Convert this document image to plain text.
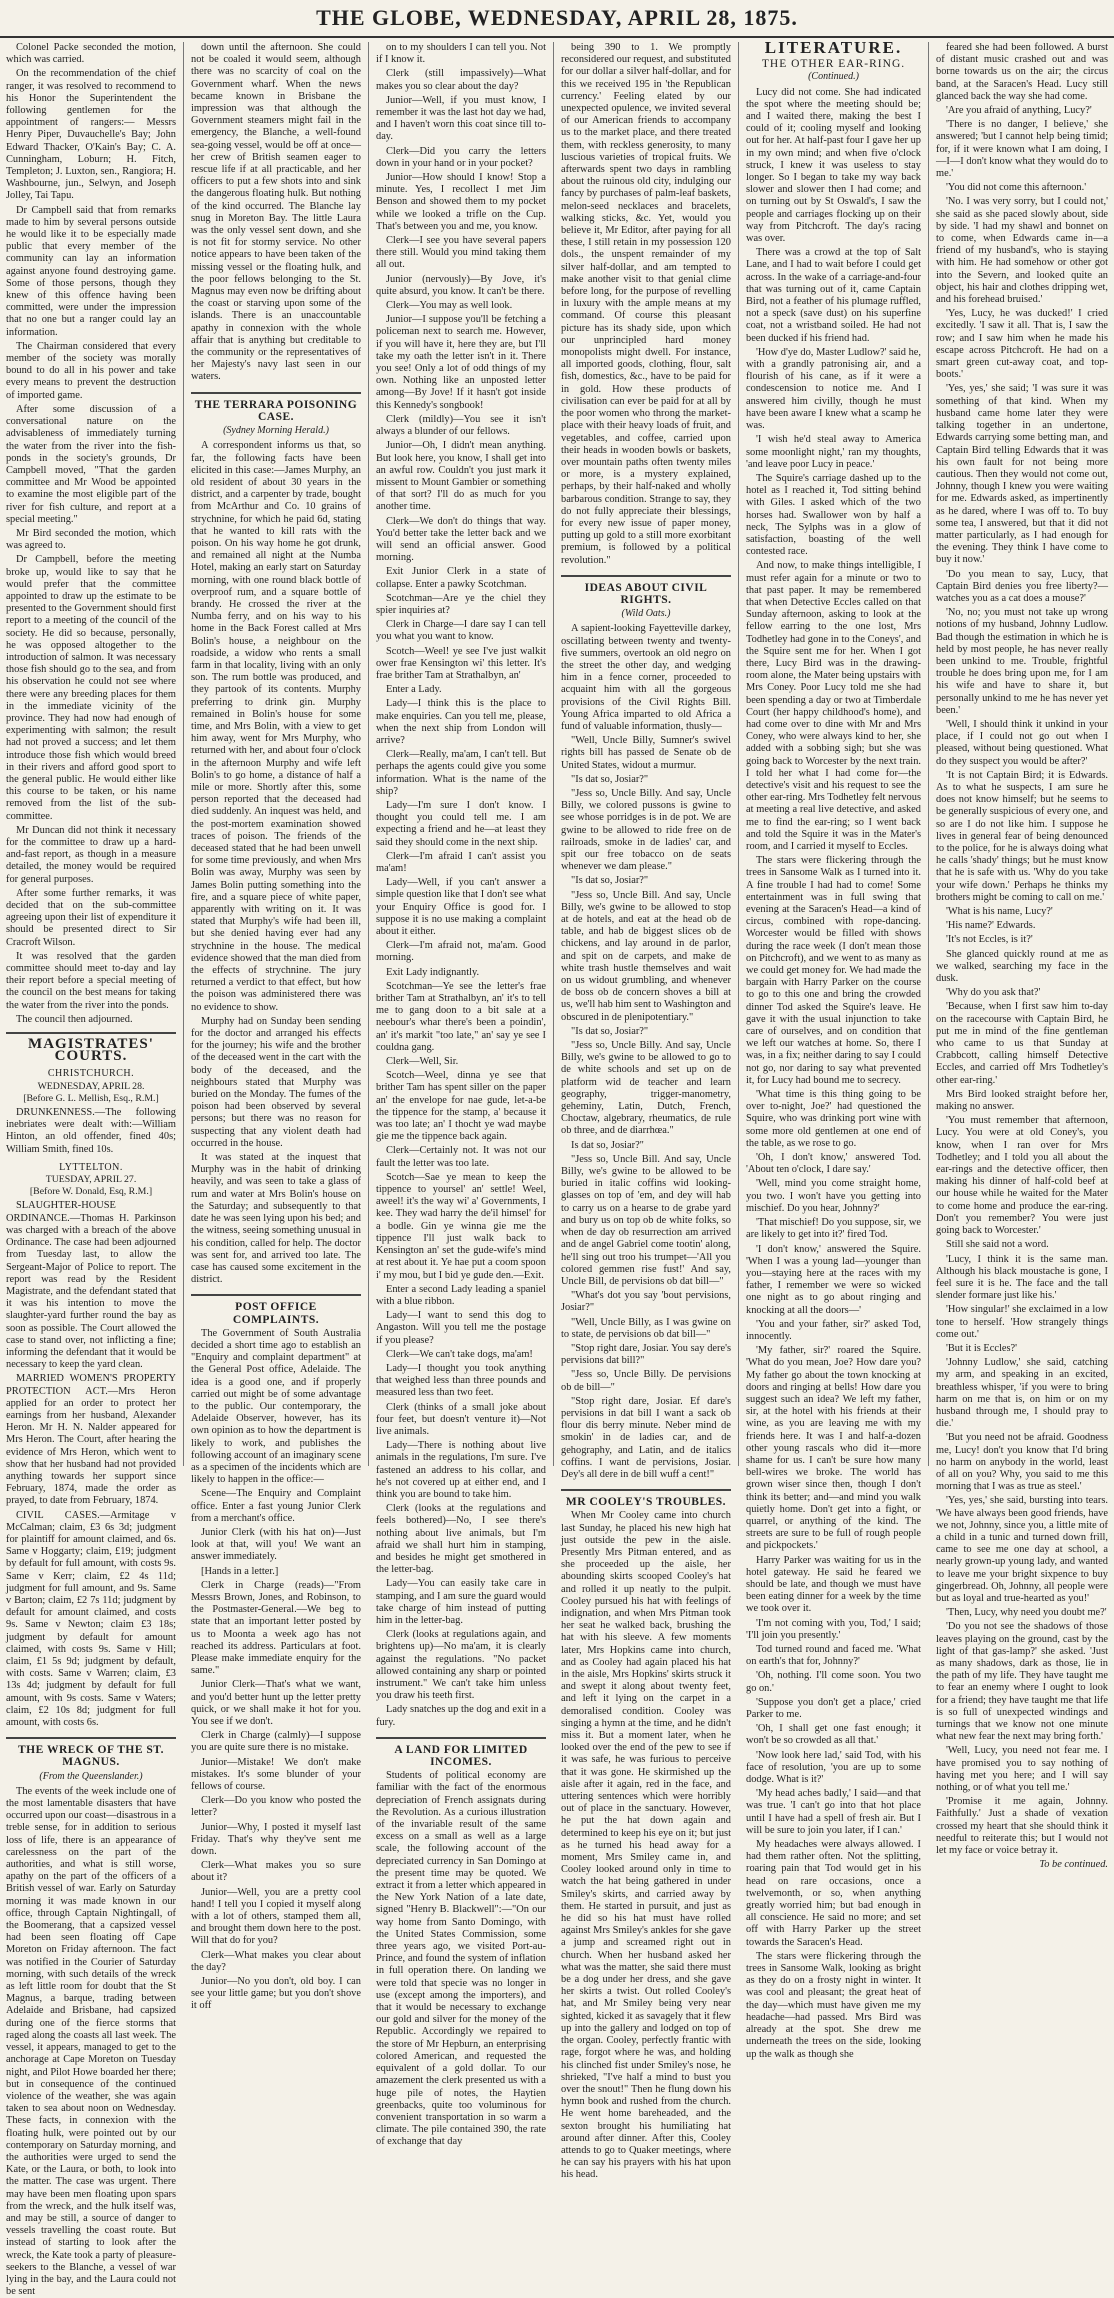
THE GLOBE, WEDNESDAY, APRIL 28, 1875.

Colonel Packe seconded the motion, which was carried.

On the recommendation of the chief ranger, it was resolved to recommend to his Honor the Superintendent the following gentlemen for the appointment of rangers:— Messrs Henry Piper, Duvauchelle's Bay; John Edward Thacker, O'Kain's Bay; C. A. Cunningham, Loburn; H. Fitch, Templeton; J. Luxton, sen., Rangiora; H. Washbourne, jun., Selwyn, and Joseph Jolley, Tai Tapu.

Dr Campbell said that from remarks made to him by several persons outside he would like it to be especially made public that every member of the community can lay an information against anyone found destroying game. Some of those persons, though they knew of this offence having been committed, were under the impression that no one but a ranger could lay an information.

The Chairman considered that every member of the society was morally bound to do all in his power and take every means to prevent the destruction of imported game.

After some discussion of a conversational nature on the advisableness of immediately turning the water from the river into the fish-ponds in the society's grounds, Dr Campbell moved, "That the garden committee and Mr Wood be appointed to examine the most eligible part of the river for fish culture, and report at a special meeting."

Mr Bird seconded the motion, which was agreed to.

Dr Campbell, before the meeting broke up, would like to say that he would prefer that the committee appointed to draw up the estimate to be presented to the Government should first report to a meeting of the council of the society. He did so because, personally, he was opposed altogether to the introduction of salmon. It was necessary those fish should go to the sea, and from his observation he could not see where there were any breeding places for them in the immediate vicinity of the province. They had now had enough of experimenting with salmon; the result had not proved a success; and let them introduce those fish which would breed in their rivers and afford good sport to the general public. He would either like this course to be taken, or his name removed from the list of the sub-committee.

Mr Duncan did not think it necessary for the committee to draw up a hard-and-fast report, as though in a measure detailed, the money would be required for general purposes.

After some further remarks, it was decided that on the sub-committee agreeing upon their list of expenditure it should be presented direct to Sir Cracroft Wilson.

It was resolved that the garden committee should meet to-day and lay their report before a special meeting of the council on the best means for taking the water from the river into the ponds.

The council then adjourned.

MAGISTRATES' COURTS.
CHRISTCHURCH.
WEDNESDAY, APRIL 28.
[Before G. L. Mellish, Esq., R.M.]

DRUNKENNESS.—The following inebriates were dealt with:—William Hinton, an old offender, fined 40s; William Smith, fined 10s.

LYTTELTON.
TUESDAY, APRIL 27.
[Before W. Donald, Esq, R.M.]

SLAUGHTER-HOUSE ORDINANCE.—Thomas H. Parkinson was charged with a breach of the above Ordinance. The case had been adjourned from Tuesday last, to allow the Sergeant-Major of Police to report. The report was read by the Resident Magistrate, and the defendant stated that it was his intention to move the slaughter-yard further round the bay as soon as possible. The Court allowed the case to stand over, not inflicting a fine; informing the defendant that it would be necessary to keep the yard clean.

MARRIED WOMEN'S PROPERTY PROTECTION ACT.—Mrs Heron applied for an order to protect her earnings from her husband, Alexander Heron. Mr H. N. Nalder appeared for Mrs Heron. The Court, after hearing the evidence of Mrs Heron, which went to show that her husband had not provided anything towards her support since February, 1874, made the order as prayed, to date from February, 1874.

CIVIL CASES.—Armitage v McCalman; claim, £3 6s 3d; judgment for plaintiff for amount claimed, and 6s. Same v Hoggarty; claim, £19; judgment by default for full amount, with costs 9s. Same v Kerr; claim, £2 4s 11d; judgment for full amount, and 9s. Same v Barton; claim, £2 7s 11d; judgment by default for amount claimed, and costs 9s. Same v Newton; claim £3 18s; judgment by default for amount claimed, with costs 9s. Same v Hill; claim, £1 5s 9d; judgment by default, with costs. Same v Warren; claim, £3 13s 4d; judgment by default for full amount, with 9s costs. Same v Waters; claim, £2 10s 8d; judgment for full amount, with costs 6s.

THE WRECK OF THE ST. MAGNUS.
(From the Queenslander.)

The events of the week include one of the most lamentable disasters that have occurred upon our coast—disastrous in a treble sense, for in addition to serious loss of life, there is an appearance of carelessness on the part of the authorities, and what is still worse, apathy on the part of the officers of a British vessel of war. Early on Saturday morning it was made known in our office, through Captain Nightingall, of the Boomerang, that a capsized vessel had been seen floating off Cape Moreton on Friday afternoon. The fact was notified in the Courier of Saturday morning, with such details of the wreck as left little room for doubt that the St Magnus, a barque, trading between Adelaide and Brisbane, had capsized during one of the fierce storms that raged along the coasts all last week. The vessel, it appears, managed to get to the anchorage at Cape Moreton on Tuesday night, and Pilot Howe boarded her there; but in consequence of the continued violence of the weather, she was again taken to sea about noon on Wednesday. These facts, in connexion with the floating hulk, were pointed out by our contemporary on Saturday morning, and the authorities were urged to send the Kate, or the Laura, or both, to look into the matter. The case was urgent. There may have been men floating upon spars from the wreck, and the hulk itself was, and may be still, a source of danger to vessels travelling the coast route. But instead of starting to look after the wreck, the Kate took a party of pleasure-seekers to the Blanche, a vessel of war lying in the bay, and the Laura could not be sent

down until the afternoon. She could not be coaled it would seem, although there was no scarcity of coal on the Government wharf. When the news became known in Brisbane the impression was that although the Government steamers might fail in the emergency, the Blanche, a well-found sea-going vessel, would be off at once—her crew of British seamen eager to rescue life if at all practicable, and her officers to put a few shots into and sink the dangerous floating hulk. But nothing of the kind occurred. The Blanche lay snug in Moreton Bay. The little Laura was the only vessel sent down, and she is not fit for stormy service. No other notice appears to have been taken of the missing vessel or the floating hulk, and the poor fellows belonging to the St. Magnus may even now be drifting about the coast or starving upon some of the islands. There is an unaccountable apathy in connexion with the whole affair that is anything but creditable to the community or the representatives of her Majesty's navy last seen in our waters.

THE TERRARA POISONING CASE.
(Sydney Morning Herald.)

A correspondent informs us that, so far, the following facts have been elicited in this case:—James Murphy, an old resident of about 30 years in the district, and a carpenter by trade, bought from McArthur and Co. 10 grains of strychnine, for which he paid 6d, stating that he wanted to kill rats with the poison. On his way home he got drunk, and remained all night at the Numba Hotel, making an early start on Saturday morning, with one round black bottle of overproof rum, and a square bottle of brandy. He crossed the river at the Numba ferry, and on his way to his home in the Back Forest called at Mrs Bolin's house, a neighbour on the roadside, a widow who rents a small farm in that locality, living with an only son. The rum bottle was produced, and they partook of its contents. Murphy preferring to drink gin. Murphy remained in Bolin's house for some time, and Mrs Bolin, with a view to get him away, went for Mrs Murphy, who returned with her, and about four o'clock in the afternoon Murphy and wife left Bolin's to go home, a distance of half a mile or more. Shortly after this, some person reported that the deceased had died suddenly. An inquest was held, and the post-mortem examination showed traces of poison. The friends of the deceased stated that he had been unwell for some time previously, and when Mrs Bolin was away, Murphy was seen by James Bolin putting something into the fire, and a square piece of white paper, apparently with writing on it. It was stated that Murphy's wife had been ill, but she denied having ever had any strychnine in the house. The medical evidence showed that the man died from the effects of strychnine. The jury returned a verdict to that effect, but how the poison was administered there was no evidence to show.

Murphy had on Sunday been sending for the doctor and arranged his effects for the journey; his wife and the brother of the deceased went in the cart with the body of the deceased, and the neighbours stated that Murphy was buried on the Monday. The fumes of the poison had been observed by several persons; but there was no reason for suspecting that any violent death had occurred in the house.

It was stated at the inquest that Murphy was in the habit of drinking heavily, and was seen to take a glass of rum and water at Mrs Bolin's house on the Saturday; and subsequently to that date he was seen lying upon his bed; and the witness, seeing something unusual in his condition, called for help. The doctor was sent for, and arrived too late. The case has caused some excitement in the district.

POST OFFICE COMPLAINTS.

The Government of South Australia decided a short time ago to establish an "Enquiry and complaint department" at the General Post office, Adelaide. The idea is a good one, and if properly carried out might be of some advantage to the public. Our contemporary, the Adelaide Observer, however, has its own opinion as to how the department is likely to work, and publishes the following account of an imaginary scene as a specimen of the incidents which are likely to happen in the office:—

Scene—The Enquiry and Complaint office. Enter a fast young Junior Clerk from a merchant's office.

Junior Clerk (with his hat on)—Just look at that, will you! We want an answer immediately.

[Hands in a letter.]

Clerk in Charge (reads)—"From Messrs Brown, Jones, and Robinson, to the Postmaster-General.—We beg to state that an important letter posted by us to Moonta a week ago has not reached its address. Particulars at foot. Please make immediate enquiry for the same."

Junior Clerk—That's what we want, and you'd better hunt up the letter pretty quick, or we shall make it hot for you. You see if we don't.

Clerk in Charge (calmly)—I suppose you are quite sure there is no mistake.

Junior—Mistake! We don't make mistakes. It's some blunder of your fellows of course.

Clerk—Do you know who posted the letter?

Junior—Why, I posted it myself last Friday. That's why they've sent me down.

Clerk—What makes you so sure about it?

Junior—Well, you are a pretty cool hand! I tell you I copied it myself along with a lot of others, stamped them all, and brought them down here to the post. Will that do for you?

Clerk—What makes you clear about the day?

Junior—No you don't, old boy. I can see your little game; but you don't shove it off

on to my shoulders I can tell you. Not if I know it.

Clerk (still impassively)—What makes you so clear about the day?

Junior—Well, if you must know, I remember it was the last hot day we had, and I haven't worn this coat since till to-day.

Clerk—Did you carry the letters down in your hand or in your pocket?

Junior—How should I know! Stop a minute. Yes, I recollect I met Jim Benson and showed them to my pocket while we looked a trifle on the Cup. That's between you and me, you know.

Clerk—I see you have several papers there still. Would you mind taking them all out.

Junior (nervously)—By Jove, it's quite absurd, you know. It can't be there.

Clerk—You may as well look.

Junior—I suppose you'll be fetching a policeman next to search me. However, if you will have it, here they are, but I'll take my oath the letter isn't in it. There you see! Only a lot of odd things of my own. Nothing like an unposted letter among—By Jove! If it hasn't got inside this Kennedy's songbook!

Clerk (mildly)—You see it isn't always a blunder of our fellows.

Junior—Oh, I didn't mean anything. But look here, you know, I shall get into an awful row. Couldn't you just mark it missent to Mount Gambier or something of that sort? I'll do as much for you another time.

Clerk—We don't do things that way. You'd better take the letter back and we will send an official answer. Good morning.

Exit Junior Clerk in a state of collapse. Enter a pawky Scotchman.

Scotchman—Are ye the chiel they spier inquiries at?

Clerk in Charge—I dare say I can tell you what you want to know.

Scotch—Weel! ye see I've just walkit ower frae Kensington wi' this letter. It's frae brither Tam at Strathalbyn, an'

Enter a Lady.

Lady—I think this is the place to make enquiries. Can you tell me, please, when the next ship from London will arrive?

Clerk—Really, ma'am, I can't tell. But perhaps the agents could give you some information. What is the name of the ship?

Lady—I'm sure I don't know. I thought you could tell me. I am expecting a friend and he—at least they said they should come in the next ship.

Clerk—I'm afraid I can't assist you ma'am!

Lady—Well, if you can't answer a simple question like that I don't see what your Enquiry Office is good for. I suppose it is no use making a complaint about it either.

Clerk—I'm afraid not, ma'am. Good morning.

Exit Lady indignantly.

Scotchman—Ye see the letter's frae brither Tam at Strathalbyn, an' it's to tell me to gang doon to a bit sale at a neebour's whar there's been a poindin', an' it's markit "too late," an' say ye see I couldna gang.

Clerk—Well, Sir.

Scotch—Weel, dinna ye see that brither Tam has spent siller on the paper an' the envelope for nae gude, let-a-be the tippence for the stamp, a' because it was too late; an' I thocht ye wad maybe gie me the tippence back again.

Clerk—Certainly not. It was not our fault the letter was too late.

Scotch—Sae ye mean to keep the tippence to yoursel' an' settle! Weel, aweel! it's the way wi' a' Governments, I kee. They wad harry the de'il himsel' for a bodle. Gin ye winna gie me the tippence I'll just walk back to Kensington an' set the gude-wife's mind at rest about it. Ye hae put a coom spoon i' my mou, but I bid ye gude den.—Exit.

Enter a second Lady leading a spaniel with a blue ribbon.

Lady—I want to send this dog to Angaston. Will you tell me the postage if you please?

Clerk—We can't take dogs, ma'am!

Lady—I thought you took anything that weighed less than three pounds and measured less than two feet.

Clerk (thinks of a small joke about four feet, but doesn't venture it)—Not live animals.

Lady—There is nothing about live animals in the regulations, I'm sure. I've fastened an address to his collar, and he's not covered up at either end, and I think you are bound to take him.

Clerk (looks at the regulations and feels bothered)—No, I see there's nothing about live animals, but I'm afraid we shall hurt him in stamping, and besides he might get smothered in the letter-bag.

Lady—You can easily take care in stamping, and I am sure the guard would take charge of him instead of putting him in the letter-bag.

Clerk (looks at regulations again, and brightens up)—No ma'am, it is clearly against the regulations. "No packet allowed containing any sharp or pointed instrument." We can't take him unless you draw his teeth first.

Lady snatches up the dog and exit in a fury.

A LAND FOR LIMITED INCOMES.

Students of political economy are familiar with the fact of the enormous depreciation of French assignats during the Revolution. As a curious illustration of the invariable result of the same excess on a small as well as a large scale, the following account of the depreciated currency in San Domingo at the present time may be quoted. We extract it from a letter which appeared in the New York Nation of a late date, signed "Henry B. Blackwell":—"On our way home from Santo Domingo, with the United States Commission, some three years ago, we visited Port-au-Prince, and found the system of inflation in full operation there. On landing we were told that specie was no longer in use (except among the importers), and that it would be necessary to exchange our gold and silver for the money of the Republic. Accordingly we repaired to the store of Mr Hepburn, an enterprising colored American, and requested the equivalent of a gold dollar. To our amazement the clerk presented us with a huge pile of notes, the Haytien greenbacks, quite too voluminous for convenient transportation in so warm a climate. The pile contained 390, the rate of exchange that day

being 390 to 1. We promptly reconsidered our request, and substituted for our dollar a silver half-dollar, and for this we received 195 in 'the Republican currency.' Feeling elated by our unexpected opulence, we invited several of our American friends to accompany us to the market place, and there treated them, with reckless generosity, to many luscious varieties of tropical fruits. We afterwards spent two days in rambling about the ruinous old city, indulging our fancy by purchases of palm-leaf baskets, melon-seed necklaces and bracelets, walking sticks, &c. Yet, would you believe it, Mr Editor, after paying for all these, I still retain in my possession 120 dols., the unspent remainder of my silver half-dollar, and am tempted to make another visit to that genial clime before long, for the purpose of revelling in luxury with the ample means at my command. Of course this pleasant picture has its shady side, upon which our unprincipled hard money monopolists might dwell. For instance, all imported goods, clothing, flour, salt fish, domestics, &c., have to be paid for in gold. How these products of civilisation can ever be paid for at all by the poor women who throng the market-place with their heavy loads of fruit, and vegetables, and coffee, carried upon their heads in wooden bowls or baskets, over mountain paths often twenty miles or more, is a mystery explained, perhaps, by their half-naked and wholly barbarous condition. Strange to say, they do not fully appreciate their blessings, for every new issue of paper money, putting up gold to a still more exorbitant premium, is followed by a political revolution."

IDEAS ABOUT CIVIL RIGHTS.
(Wild Oats.)

A sapient-looking Fayetteville darkey, oscillating between twenty and twenty-five summers, overtook an old negro on the street the other day, and wedging him in a fence corner, proceeded to acquaint him with all the gorgeous provisions of the Civil Rights Bill. Young Africa imparted to old Africa a fund of valuable information, thusly—

"Well, Uncle Billy, Sumner's swivel rights bill has passed de Senate ob de United States, widout a murmur.

"Is dat so, Josiar?"

"Jess so, Uncle Billy. And say, Uncle Billy, we colored pussons is gwine to see whose porridges is in de pot. We are gwine to be allowed to ride free on de railroads, smoke in de ladies' car, and spit our free tobacco on de seats whenever we dam please."

"Is dat so, Josiar?"

"Jess so, Uncle Bill. And say, Uncle Billy, we's gwine to be allowed to stop at de hotels, and eat at the head ob de table, and hab de biggest slices ob de chickens, and lay around in de parlor, and spit on de carpets, and make de white trash hustle themselves and wait on us widout grumbling, and whenever de boss ob de concern shoves a bill at us, we'll hab him sent to Washington and obscured in de plenipotentiary."

"Is dat so, Josiar?"

"Jess so, Uncle Billy. And say, Uncle Billy, we's gwine to be allowed to go to de white schools and set up on de platform wid de teacher and learn geography, trigger-manometry, geheminy, Latin, Dutch, French, Choctaw, algebrary, rheumatics, de rule ob three, and de diarrhœa."

Is dat so, Josiar?"

"Jess so, Uncle Bill. And say, Uncle Billy, we's gwine to be allowed to be buried in italic coffins wid looking-glasses on top of 'em, and dey will hab to carry us on a hearse to de grabe yard and bury us on top ob de white folks, so when de day ob resurrection am arrived and de angel Gabriel come tootin' along, he'll sing out troo his trumpet—'All you colored gemmen rise fust!' And say, Uncle Bill, de pervisions ob dat bill—"

"What's dot you say 'bout pervisions, Josiar?"

"Well, Uncle Billy, as I was gwine on to state, de pervisions ob dat bill—"

"Stop right dare, Josiar. You say dere's pervisions dat bill?"

"Jess so, Uncle Billy. De pervisions ob de bill—"

"Stop right dare, Josiar. Ef dare's pervisions in dat bill I want a sack ob flour dis berry minute. Neber mind de smokin' in de ladies car, and de gehography, and Latin, and de italics coffins. I want de pervisions, Josiar. Dey's all dere in de bill wuff a cent!"

MR COOLEY'S TROUBLES.

When Mr Cooley came into church last Sunday, he placed his new high hat just outside the pew in the aisle. Presently Mrs Pitman entered, and as she proceeded up the aisle, her abounding skirts scooped Cooley's hat and rolled it up neatly to the pulpit. Cooley pursued his hat with feelings of indignation, and when Mrs Pitman took her seat he walked back, brushing the hat with his sleeve. A few moments later, Mrs Hopkins came into church, and as Cooley had again placed his hat in the aisle, Mrs Hopkins' skirts struck it and swept it along about twenty feet, and left it lying on the carpet in a demoralised condition. Cooley was singing a hymn at the time, and he didn't miss it. But a moment later, when he looked over the end of the pew to see if it was safe, he was furious to perceive that it was gone. He skirmished up the aisle after it again, red in the face, and uttering sentences which were horribly out of place in the sanctuary. However, he put the hat down again and determined to keep his eye on it; but just as he turned his head away for a moment, Mrs Smiley came in, and Cooley looked around only in time to watch the hat being gathered in under Smiley's skirts, and carried away by them. He started in pursuit, and just as he did so his hat must have rolled against Mrs Smiley's ankles for she gave a jump and screamed right out in church. When her husband asked her what was the matter, she said there must be a dog under her dress, and she gave her skirts a twist. Out rolled Cooley's hat, and Mr Smiley being very near sighted, kicked it as savagely that it flew up into the gallery and lodged on top of the organ. Cooley, perfectly frantic with rage, forgot where he was, and holding his clinched fist under Smiley's nose, he shrieked, "I've half a mind to bust you over the snout!" Then he flung down his hymn book and rushed from the church. He went home bareheaded, and the sexton brought his humiliating hat around after dinner. After this, Cooley attends to go to Quaker meetings, where he can say his prayers with his hat upon his head.

LITERATURE.
THE OTHER EAR-RING.
(Continued.)

Lucy did not come. She had indicated the spot where the meeting should be; and I waited there, making the best I could of it; cooling myself and looking out for her. At half-past four I gave her up in my own mind; and when five o'clock struck, I knew it was useless to stay longer. So I began to take my way back slower and slower then I had come; and on turning out by St Oswald's, I saw the people and carriages flocking up on their way from Pitchcroft. The day's racing was over.

There was a crowd at the top of Salt Lane, and I had to wait before I could get across. In the wake of a carriage-and-four that was turning out of it, came Captain Bird, not a feather of his plumage ruffled, not a speck (save dust) on his superfine coat, not a wristband soiled. He had not been ducked if his friend had.

'How d'ye do, Master Ludlow?' said he, with a grandly patronising air, and a flourish of his cane, as if it were a condescension to notice me. And I answered him civilly, though he must have been aware I knew what a scamp he was.

'I wish he'd steal away to America some moonlight night,' ran my thoughts, 'and leave poor Lucy in peace.'

The Squire's carriage dashed up to the hotel as I reached it, Tod sitting behind with Giles. I asked which of the two horses had. Swallower won by half a neck, The Sylphs was in a glow of satisfaction, boasting of the well contested race.

And now, to make things intelligible, I must refer again for a minute or two to that past paper. It may be remembered that when Detective Eccles called on that Sunday afternoon, asking to look at the fellow earring to the one lost, Mrs Todhetley had gone in to the Coneys', and the Squire sent me for her. When I got there, Lucy Bird was in the drawing-room alone, the Mater being upstairs with Mrs Coney. Poor Lucy told me she had been spending a day or two at Timberdale Court (her happy childhood's home), and had come over to dine with Mr and Mrs Coney, who were always kind to her, she added with a sobbing sigh; but she was going back to Worcester by the next train. I told her what I had come for—the detective's visit and his request to see the other ear-ring. Mrs Todhetley felt nervous at meeting a real live detective, and asked me to find the ear-ring; so I went back and told the Squire it was in the Mater's room, and I carried it myself to Eccles.

The stars were flickering through the trees in Sansome Walk as I turned into it. A fine trouble I had had to come! Some entertainment was in full swing that evening at the Saracen's Head—a kind of circus, combined with rope-dancing. Worcester would be filled with shows during the race week (I don't mean those on Pitchcroft), and we went to as many as we could get money for. We had made the bargain with Harry Parker on the course to go to this one and bring the crowded dinner Tod asked the Squire's leave. He gave it with the usual injunction to take care of ourselves, and on condition that we left our watches at home. So, there I was, in a fix; neither daring to say I could not go, nor daring to say what prevented it, for Lucy had bound me to secrecy.

'What time is this thing going to be over to-night, Joe?' had questioned the Squire, who was drinking port wine with some more old gentlemen at one end of the table, as we rose to go.

'Oh, I don't know,' answered Tod. 'About ten o'clock, I dare say.'

'Well, mind you come straight home, you two. I won't have you getting into mischief. Do you hear, Johnny?'

'That mischief! Do you suppose, sir, we are likely to get into it?' fired Tod.

'I don't know,' answered the Squire. 'When I was a young lad—younger than you—staying here at the races with my father, I remember we were so wicked one night as to go about ringing and knocking at all the doors—'

'You and your father, sir?' asked Tod, innocently.

'My father, sir?' roared the Squire. 'What do you mean, Joe? How dare you? My father go about the town knocking at doors and ringing at bells! How dare you suggest such an idea? We left my father, sir, at the hotel with his friends at their wine, as you are leaving me with my friends here. It was I and half-a-dozen other young rascals who did it—more shame for us. I can't be sure how many bell-wires we broke. The world has grown wiser since then, though I don't think its better; and—and mind you walk quietly home. Don't get into a fight, or quarrel, or anything of the kind. The streets are sure to be full of rough people and pickpockets.'

Harry Parker was waiting for us in the hotel gateway. He said he feared we should be late, and though we must have been eating dinner for a week by the time we took over it.

'I'm not coming with you, Tod,' I said; 'I'll join you presently.'

Tod turned round and faced me. 'What on earth's that for, Johnny?'

'Oh, nothing. I'll come soon. You two go on.'

'Suppose you don't get a place,' cried Parker to me.

'Oh, I shall get one fast enough; it won't be so crowded as all that.'

'Now look here lad,' said Tod, with his face of resolution, 'you are up to some dodge. What is it?'

'My head aches badly,' I said—and that was true. 'I can't go into that hot place until I have had a spell of fresh air. But I will be sure to join you later, if I can.'

My headaches were always allowed. I had them rather often. Not the splitting, roaring pain that Tod would get in his head on rare occasions, once a twelvemonth, or so, when anything greatly worried him; but bad enough in all conscience. He said no more; and set off with Harry Parker up the street towards the Saracen's Head.

The stars were flickering through the trees in Sansome Walk, looking as bright as they do on a frosty night in winter. It was cool and pleasant; the great heat of the day—which must have given me my headache—had passed. Mrs Bird was already at the spot. She drew me underneath the trees on the side, looking up the walk as though she

feared she had been followed. A burst of distant music crashed out and was borne towards us on the air; the circus band, at the Saracen's Head. Lucy still glanced back the way she had come.

'Are you afraid of anything, Lucy?'

'There is no danger, I believe,' she answered; 'but I cannot help being timid; for, if it were known what I am doing, I—I—I don't know what they would do to me.'

'You did not come this afternoon.'

'No. I was very sorry, but I could not,' she said as she paced slowly about, side by side. 'I had my shawl and bonnet on to come, when Edwards came in—a friend of my husband's, who is staying with him. He had somehow or other got into the Severn, and looked quite an object, his hair and clothes dripping wet, and his forehead bruised.'

'Yes, Lucy, he was ducked!' I cried excitedly. 'I saw it all. That is, I saw the row; and I saw him when he made his escape across Pitchcroft. He had on a smart green cut-away coat, and top-boots.'

'Yes, yes,' she said; 'I was sure it was something of that kind. When my husband came home later they were talking together in an undertone, Edwards carrying some betting man, and Captain Bird telling Edwards that it was his own fault for not being more cautious. Then they would not come out, Johnny, though I knew you were waiting for me. Edwards asked, as impertinently as he dared, where I was off to. To buy some tea, I answered, but that it did not matter particularly, as I had enough for the evening. They think I have come to buy it now.'

'Do you mean to say, Lucy, that Captain Bird denies you free liberty?—watches you as a cat does a mouse?'

'No, no; you must not take up wrong notions of my husband, Johnny Ludlow. Bad though the estimation in which he is held by most people, he has never really been unkind to me. Trouble, frightful trouble he does bring upon me, for I am his wife and have to share it, but personally unkind to me he has never yet been.'

'Well, I should think it unkind in your place, if I could not go out when I pleased, without being questioned. What do they suspect you would be after?'

'It is not Captain Bird; it is Edwards. As to what he suspects, I am sure he does not know himself; but he seems to be generally suspicious of every one, and so are I do not like him. I suppose he lives in general fear of being denounced to the police, for he is always doing what he calls 'shady' things; but he must know that he is safe with us. 'Why do you take your wife down.' Perhaps he thinks my brothers might be coming to call on me.'

'What is his name, Lucy?'

'His name?' Edwards.

'It's not Eccles, is it?'

She glanced quickly round at me as we walked, searching my face in the dusk.

'Why do you ask that?'

'Because, when I first saw him to-day on the racecourse with Captain Bird, he put me in mind of the fine gentleman who came to us that Sunday at Crabbcott, calling himself Detective Eccles, and carried off Mrs Todhetley's other ear-ring.'

Mrs Bird looked straight before her, making no answer.

'You must remember that afternoon, Lucy. You were at old Coney's, you know, when I ran over for Mrs Todhetley; and I told you all about the ear-rings and the detective officer, then making his dinner of half-cold beef at our house while he waited for the Mater to come home and produce the ear-ring. Don't you remember? You were just going back to Worcester.'

Still she said not a word.

'Lucy, I think it is the same man. Although his black moustache is gone, I feel sure it is he. The face and the tall slender formare just like his.'

'How singular!' she exclaimed in a low tone to herself. 'How strangely things come out.'

'But it is Eccles?'

'Johnny Ludlow,' she said, catching my arm, and speaking in an excited, breathless whisper, 'if you were to bring harm on me that is, on him or on my husband through me, I should pray to die.'

'But you need not be afraid. Goodness me, Lucy! don't you know that I'd bring no harm on anybody in the world, least of all on you? Why, you said to me this morning that I was as true as steel.'

'Yes, yes,' she said, bursting into tears. 'We have always been good friends, have we not, Johnny, since you, a little mite of a child in a tunic and turned down frill, came to see me one day at school, a nearly grown-up young lady, and wanted to leave me your bright sixpence to buy gingerbread. Oh, Johnny, all people were but as loyal and true-hearted as you!'

'Then, Lucy, why need you doubt me?'

'Do you not see the shadows of those leaves playing on the ground, cast by the light of that gas-lamp?' she asked. 'Just as many shadows, dark as those, lie in the path of my life. They have taught me to fear an enemy where I ought to look for a friend; they have taught me that life is so full of unexpected windings and turnings that we know not one minute what new fear the next may bring forth.'

'Well, Lucy, you need not fear me. I have promised you to say nothing of having met you here; and I will say nothing, or of what you tell me.'

'Promise it me again, Johnny. Faithfully.' Just a shade of vexation crossed my heart that she should think it needful to reiterate this; but I would not let my face or voice betray it.

To be continued.
